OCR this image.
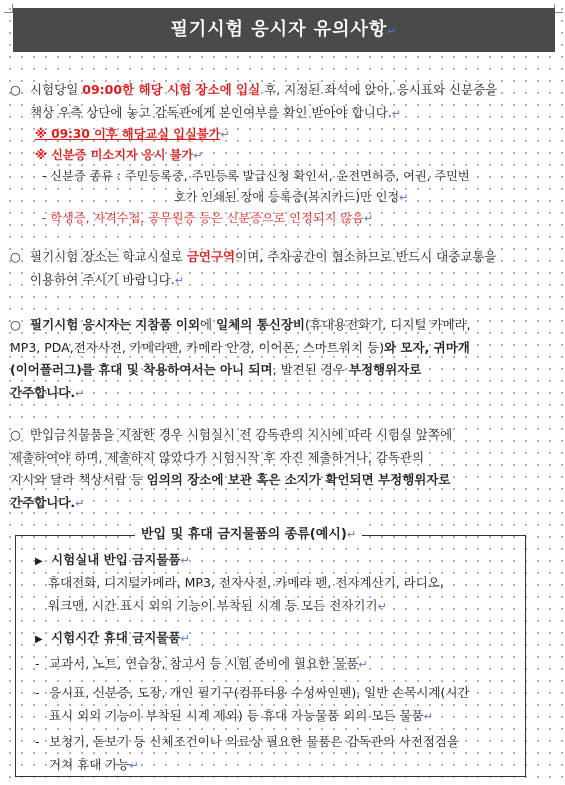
필기시험 응시자 유의사항↵
○ 시험당일 09:00한 해당 시험 장소에 입실 후, 지정된 좌석에 앉아, 응시표와 신분증을
책상 우측 상단에 놓고 감독관에게 본인여부를 확인 받아야 합니다.↵
※ 09:30 이후 해당교실 입실불가↵
※ 신분증 미소지자 응시 불가↵
- 신분증 종류 : 주민등록증, 주민등록 발급신청 확인서, 운전면허증, 여권, 주민번
호가 인쇄된 장애 등록증(복지카드)만 인정↵
- 학생증, 자격수첩, 공무원증 등은 신분증으로 인정되지 않음↵
○ 필기시험 장소는 학교시설로 금연구역이며, 주차공간이 협소하므로 반드시 대중교통을
이용하여 주시기 바랍니다.↵
○ 필기시험 응시자는 지참품 이외에 일체의 통신장비(휴대용전화기, 디지털 카메라,
MP3, PDA,전자사전, 카메라펜, 카메라 안경, 이어폰, 스마트워치 등)와 모자, 귀마개
(이어플러그)를 휴대 및 착용하여서는 아니 되며, 발견된 경우 부정행위자로
간주합니다.↵
○ 반입금지물품을 지참한 경우 시험실시 전 감독관의 지시에 따라 시험실 앞쪽에
제출하여야 하며, 제출하지 않았다가 시험시작 후 자진 제출하거나, 감독관의
지시와 달라 책상서랍 등 임의의 장소에 보관 혹은 소지가 확인되면 부정행위자로
간주합니다.↵
반입 및 휴대 금지물품의 종류(예시)↵
▶ 시험실내 반입 금지물품↵
휴대전화, 디지털카메라, MP3, 전자사전, 카메라 펜, 전자계산기, 라디오,
워크맨, 시간 표시 외의 기능이 부착된 시계 등 모든 전자기기↵
▶ 시험시간 휴대 금지물품↵
- 교과서, 노트, 연습장, 참고서 등 시험 준비에 필요한 물품↵
- 응시표, 신분증, 도장, 개인 필기구(컴퓨터용 수성싸인펜), 일반 손목시계(시간
표시 외의 기능이 부착된 시계 제외) 등 휴대 가능물품 외의 모든 물품↵
- 보청기, 돋보기 등 신체조건이나 의료상 필요한 물품은 감독관의 사전점검을
거쳐 휴대 가능↵
